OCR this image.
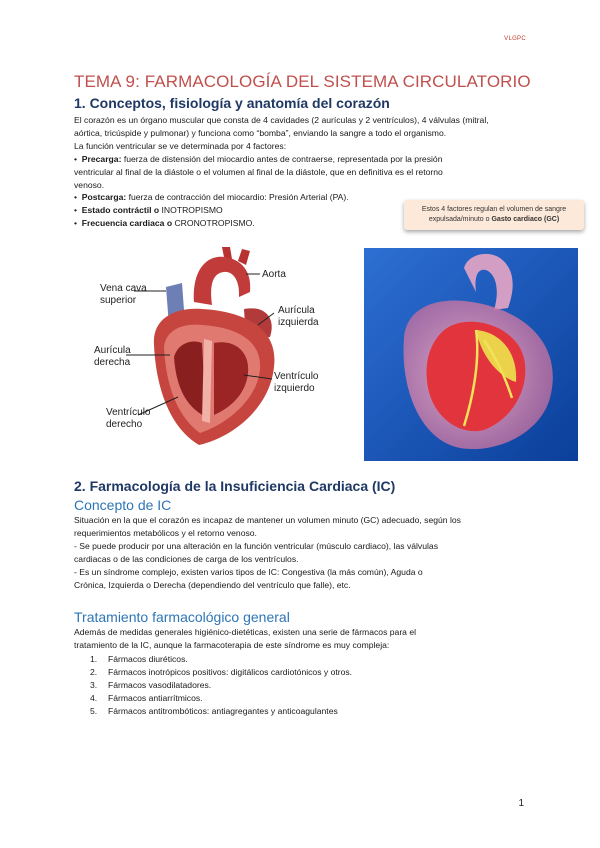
VLGPC
TEMA 9: FARMACOLOGÍA DEL SISTEMA CIRCULATORIO
1. Conceptos, fisiología y anatomía del corazón
El corazón es un órgano muscular que consta de 4 cavidades (2 aurículas y 2 ventrículos), 4 válvulas (mitral,
aórtica, tricúspide y pulmonar) y funciona como “bomba”, enviando la sangre a todo el organismo.
La función ventricular se ve determinada por 4 factores:
• Precarga: fuerza de distensión del miocardio antes de contraerse, representada por la presión
ventricular al final de la diástole o el volumen al final de la diástole, que en definitiva es el retorno
venoso.
• Postcarga: fuerza de contracción del miocardio: Presión Arterial (PA).
• Estado contráctil o INOTROPISMO
• Frecuencia cardiaca o CRONOTROPISMO.
Estos 4 factores regulan el volumen de sangre
expulsada/minuto o Gasto cardiaco (GC)
Aorta
Vena cava
superior
Aurícula
izquierda
Aurícula
derecha
Ventrículo
izquierdo
Ventrículo
derecho
2. Farmacología de la Insuficiencia Cardiaca (IC)
Concepto de IC
Situación en la que el corazón es incapaz de mantener un volumen minuto (GC) adecuado, según los
requerimientos metabólicos y el retorno venoso.
- Se puede producir por una alteración en la función ventricular (músculo cardiaco), las válvulas
cardiacas o de las condiciones de carga de los ventrículos.
- Es un síndrome complejo, existen varios tipos de IC: Congestiva (la más común), Aguda o
Crónica, Izquierda o Derecha (dependiendo del ventrículo que falle), etc.
Tratamiento farmacológico general
Además de medidas generales higiénico-dietéticas, existen una serie de fármacos para el
tratamiento de la IC, aunque la farmacoterapia de este síndrome es muy compleja:
1. Fármacos diuréticos.
2. Fármacos inotrópicos positivos: digitálicos cardiotónicos y otros.
3. Fármacos vasodilatadores.
4. Fármacos antiarrítmicos.
5. Fármacos antitrombóticos: antiagregantes y anticoagulantes
1
